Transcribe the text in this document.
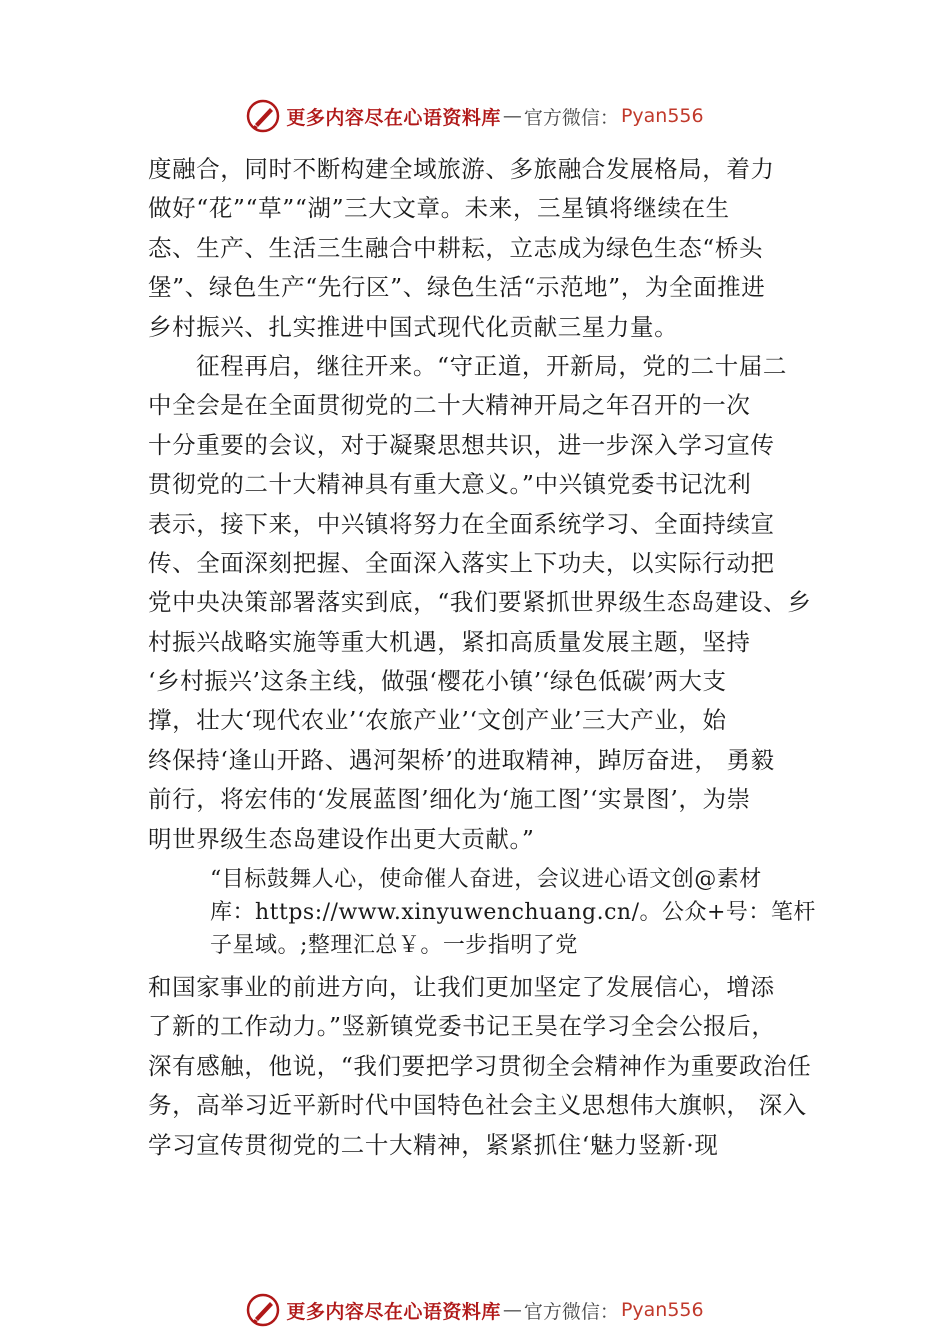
更多内容尽在心语资料库 — 官方微信： Pyan556
度融合，同时不断构建全域旅游、多旅融合发展格局，着力
做好“花”“草”“湖”三大文章。未来，三星镇将继续在生
态、生产、生活三生融合中耕耘，立志成为绿色生态“桥头
堡”、绿色生产“先行区”、绿色生活“示范地”，为全面推进
乡村振兴、扎实推进中国式现代化贡献三星力量。
征程再启，继往开来。“守正道，开新局，党的二十届二
中全会是在全面贯彻党的二十大精神开局之年召开的一次
十分重要的会议，对于凝聚思想共识，进一步深入学习宣传
贯彻党的二十大精神具有重大意义。”中兴镇党委书记沈利
表示，接下来，中兴镇将努力在全面系统学习、全面持续宣
传、全面深刻把握、全面深入落实上下功夫，以实际行动把
党中央决策部署落实到底，“我们要紧抓世界级生态岛建设、乡
村振兴战略实施等重大机遇，紧扣高质量发展主题，坚持
‘乡村振兴’这条主线，做强‘樱花小镇’‘绿色低碳’两大支
撑，壮大‘现代农业’‘农旅产业’‘文创产业’三大产业，始
终保持‘逢山开路、遇河架桥’的进取精神，踔厉奋进， 勇毅
前行，将宏伟的‘发展蓝图’细化为‘施工图’‘实景图’，为崇
明世界级生态岛建设作出更大贡献。”
“目标鼓舞人心，使命催人奋进，会议进心语文创@素材
库：https://www.xinyuwenchuang.cn/。公众+号：笔杆
子星域。;整理汇总￥。一步指明了党
和国家事业的前进方向，让我们更加坚定了发展信心，增添
了新的工作动力。”竖新镇党委书记王昊在学习全会公报后，
深有感触，他说，“我们要把学习贯彻全会精神作为重要政治任
务，高举习近平新时代中国特色社会主义思想伟大旗帜， 深入
学习宣传贯彻党的二十大精神，紧紧抓住‘魅力竖新·现
更多内容尽在心语资料库 — 官方微信： Pyan556
